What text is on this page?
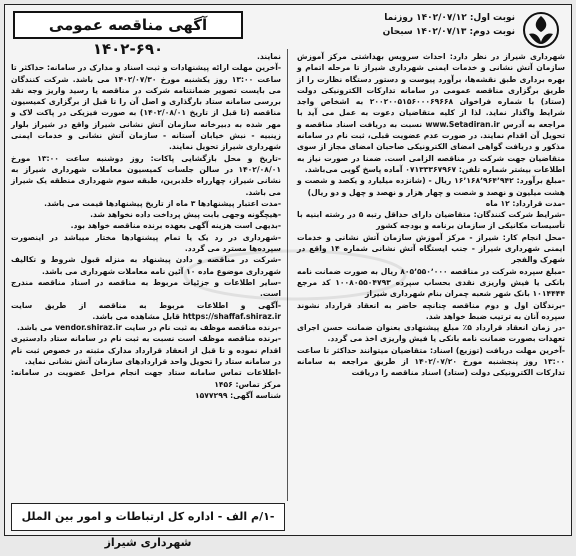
نوبت اول: ۱۴۰۲/۰۷/۱۲ روزنما
نوبت دوم: ۱۴۰۲/۰۷/۱۳ سبحان
آگهی مناقصه عمومی ۶۹۰-۱۴۰۲	شهرداری شیراز در نظر دارد: احداث سرویس بهداشتی مرکز آموزش سازمان آتش نشانی و خدمات ایمنی شهرداری شیراز تا مرحله اتمام و بهره برداری طبق نقشه‌ها، برآورد پیوست و دستور دستگاه نظارت را از طریق برگزاری مناقصه عمومی در سامانه تدارکات الکترونیکی دولت (ستاد) با شماره فراخوان ۲۰۰۲۰۰۵۱۵۶۰۰۰۶۹۶۶۸ به اشخاص واجد شرایط واگذار نماید. لذا از کلیه متقاضیان دعوت به عمل می آید با مراجعه به آدرس www.Setadiran.ir نسبت به دریافت اسناد مناقصه و تحویل آن اقدام نمایند. در صورت عدم عضویت قبلی، ثبت نام در سامانه مذکور و دریافت گواهی امضای الکترونیکی صاحبان امضای مجاز از سوی متقاضیان جهت شرکت در مناقصه الزامی است. ضمنا در صورت نیاز به اطلاعات بیشتر شماره تلفن: ۰۷۱۳۳۳۶۷۹۶۷ آماده پاسخ گویی می‌باشد.

-مبلغ برآورد: ۱۶٬۱۶۸٬۹۶۴٬۹۴۲ ریال - (شانزده میلیارد و یکصد و شصت و هشت میلیون و نهصد و شصت و چهار هزار و نهصد و چهل و دو ریال)

-مدت قرارداد: ۱۲ ماه

-شرایط شرکت کنندگان: متقاضیان دارای حداقل رتبه ۵ در رشته ابنیه با تأسیسات مکانیکی از سازمان برنامه و بودجه کشور

-محل انجام کار: شیراز - مرکز آموزش سازمان آتش نشانی و خدمات ایمنی شهرداری شیراز - جنب ایستگاه آتش نشانی شماره ۱۴ واقع در شهرک والفجر

-مبلغ سپرده شرکت در مناقصه ۸۰۵٬۵۵۰٬۰۰۰ ریال به صورت ضمانت نامه بانکی یا فیش واریزی نقدی بحساب سپرده ۱۰۰۸۰۵۵۰۴۷۹۳ کد مرجع ۱۰۱۴۴۴۴ بانک شهر شعبه چمران بنام شهرداری شیراز

-برندگان اول و دوم مناقصه چنانچه حاضر به انعقاد قرارداد نشوند سپرده آنان به ترتیب ضبط خواهد شد.

-در زمان انعقاد قرارداد ۵٪ مبلغ پیشنهادی بعنوان ضمانت حسن اجرای تعهدات بصورت ضمانت نامه بانکی یا فیش واریزی اخذ می گردد.

-آخرین مهلت دریافت (توزیع) اسناد: متقاضیان میتوانند حداکثر تا ساعت ۱۳:۰۰ روز پنجشنبه مورخ ۱۴۰۲/۰۷/۲۰ از طریق مراجعه به سامانه تدارکات الکترونیکی دولت (ستاد) اسناد مناقصه را دریافت

نمایند.

-آخرین مهلت ارائه پیشنهادات و ثبت اسناد و مدارک در سامانه: حداکثر تا ساعت ۱۳:۰۰ روز یکشنبه مورخ ۱۴۰۲/۰۷/۳۰ می باشد. شرکت کنندگان می بایست تصویر ضمانتنامه شرکت در مناقصه یا رسید واریز وجه نقد بررسی سامانه ستاد بارگذاری و اصل آن را تا قبل از برگزاری کمیسیون مناقصه (تا قبل از تاریخ ۱۴۰۲/۰۸/۰۱) به صورت فیزیکی در پاکت لاک و مهر شده به دبیرخانه سازمان آتش نشانی شیراز واقع در شیراز بلوار زینبیه - نبش خیابان آستانه - سازمان آتش نشانی و خدمات ایمنی شهرداری شیراز تحویل نمایند.

-تاریخ و محل بازگشایی پاکات: روز دوشنبه ساعت ۱۳:۰۰ مورخ ۱۴۰۲/۰۸/۰۱ در سالن جلسات کمیسیون معاملات شهرداری شیراز به نشانی شیراز، چهارراه خلدبرین، طبقه سوم شهرداری منطقه یک شیراز می باشد.

-مدت اعتبار پیشنهادها ۳ ماه از تاریخ پیشنهادها قیمت می باشد.

-هیچگونه وجهی بابت پیش پرداخت داده نخواهد شد.

-بدیهی است هزینه آگهی بعهده برنده مناقصه خواهد بود.

-شهرداری در رد یک یا تمام پیشنهادها مختار میباشد در اینصورت سپرده‌ها مسترد می گردد.

-شرکت در مناقصه و دادن پیشنهاد به منزله قبول شروط و تکالیف شهرداری موضوع ماده ۱۰ آئین نامه معاملات شهرداری می باشد.

-سایر اطلاعات و جزئیات مربوط به مناقصه در اسناد مناقصه مندرج است.

-آگهی و اطلاعات مربوط به مناقصه از طریق سایت https://shaffaf.shiraz.ir قابل مشاهده می باشد.

-برنده مناقصه موظف به ثبت نام در سایت vendor.shiraz.ir می باشد.

-برنده مناقصه موظف است نسبت به ثبت نام در سامانه ستاد دادستیری اقدام نموده و تا قبل از انعقاد قرارداد مدارک مثبته در خصوص ثبت نام در سامانه ستاد را تحویل واحد قراردادهای سازمان آتش نشانی نماید.

-اطلاعات تماس سامانه ستاد جهت انجام مراحل عضویت در سامانه: مرکز تماس: ۱۴۵۶

شناسه آگهی: ۱۵۷۷۲۹۹

-۱/م الف - اداره کل ارتباطات و امور بین الملل شهرداری شیراز
